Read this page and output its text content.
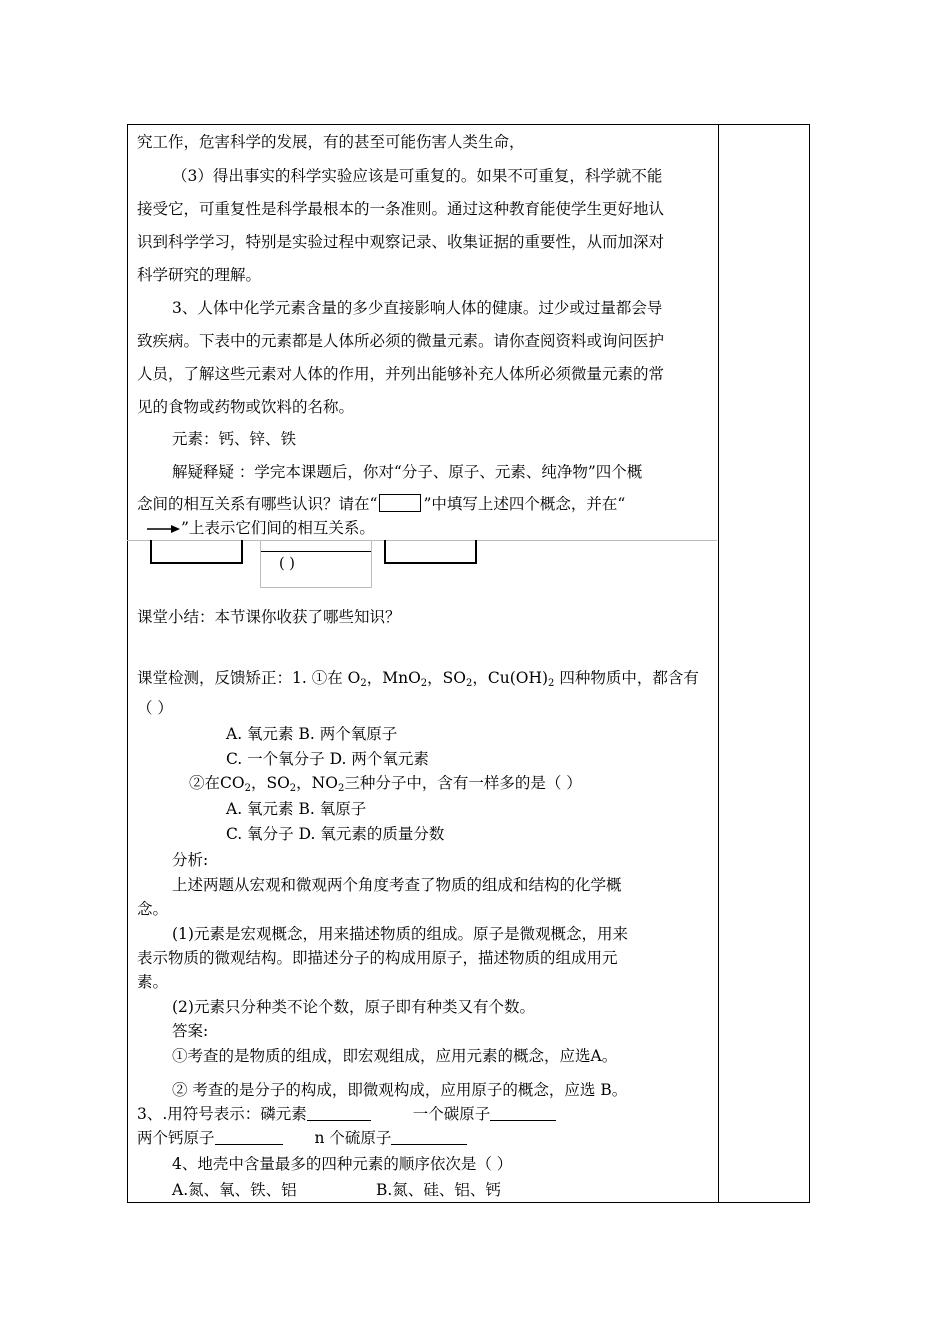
究工作，危害科学的发展，有的甚至可能伤害人类生命，
（3）得出事实的科学实验应该是可重复的。如果不可重复，科学就不能
接受它，可重复性是科学最根本的一条准则。通过这种教育能使学生更好地认
识到科学学习，特别是实验过程中观察记录、收集证据的重要性，从而加深对
科学研究的理解。
3、人体中化学元素含量的多少直接影响人体的健康。过少或过量都会导
致疾病。下表中的元素都是人体所必须的微量元素。请你查阅资料或询问医护
人员，了解这些元素对人体的作用，并列出能够补充人体所必须微量元素的常
见的食物或药物或饮料的名称。
元素：钙、锌、铁
解疑释疑 ：学完本课题后，你对“分子、原子、元素、纯净物”四个概
念间的相互关系有哪些认识？请在“	”中填写上述四个概念，并在“
”上表示它们间的相互关系。
( )
课堂小结：本节课你收获了哪些知识？
课堂检测，反馈矫正：1. ①在 $O_2$，MnO$_2$，$SO_2$，$Cu(OH)_2$ 四种物质中，都含有
（ ）
A. 氧元素 B. 两个氧原子
C. 一个氧分子 D. 两个氧元素
②在$CO_2$，$SO_2$，$NO_2$三种分子中，含有一样多的是（ ）
A. 氧元素 B. 氧原子
C. 氧分子 D. 氧元素的质量分数
分析:
上述两题从宏观和微观两个角度考查了物质的组成和结构的化学概
念。
(1)元素是宏观概念，用来描述物质的组成。原子是微观概念，用来
表示物质的微观结构。即描述分子的构成用原子，描述物质的组成用元
素。
(2)元素只分种类不论个数，原子即有种类又有个数。
答案:
①考查的是物质的组成，即宏观组成，应用元素的概念，应选A。
② 考查的是分子的构成，即微观构成，应用原子的概念，应选 B。
3、.用符号表示：磷元素	一个碳原子
两个钙原子	n 个硫原子
4、地壳中含量最多的四种元素的顺序依次是（ ）
A.氮、氧、铁、铝	B.氮、硅、铝、钙
